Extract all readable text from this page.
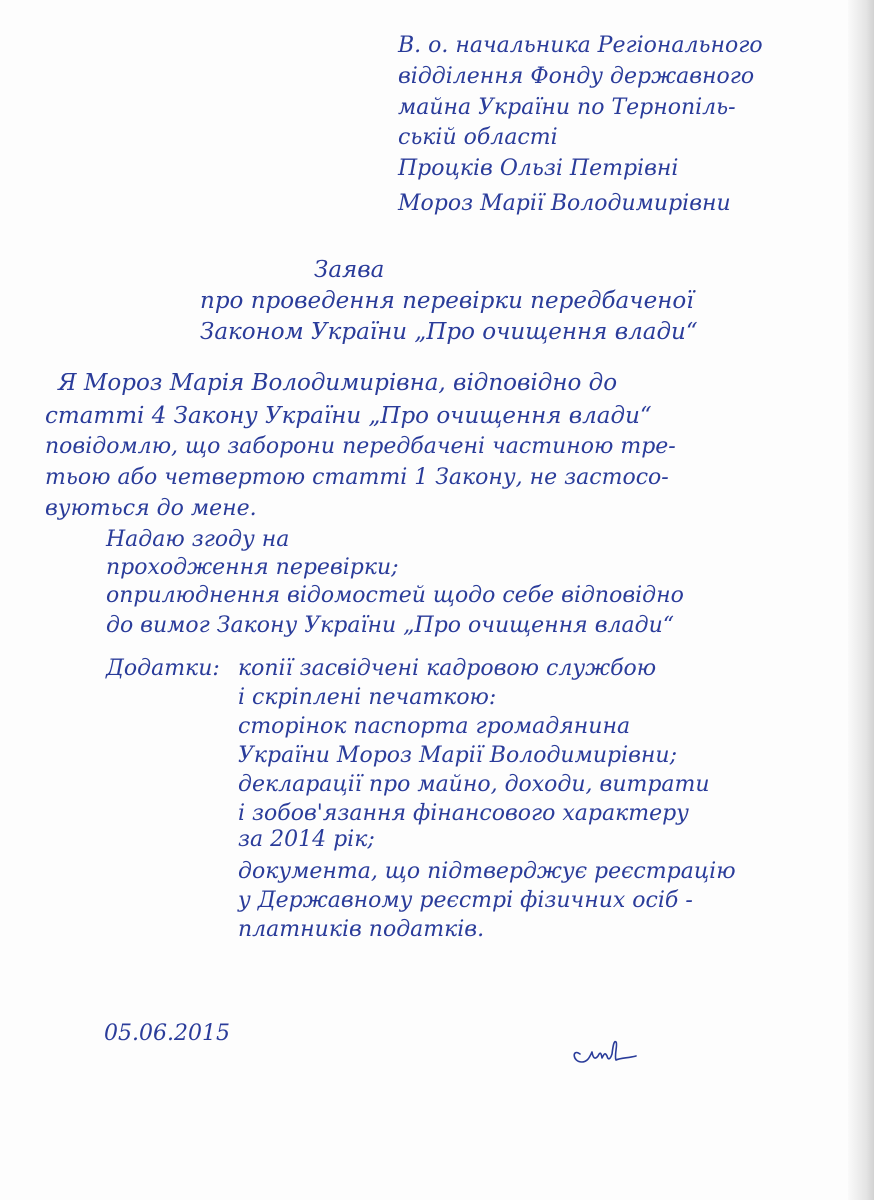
В. о. начальника Регіонального
відділення Фонду державного
майна України по Тернопіль-
ській області
Процків Ользі Петрівні
Мороз Марії Володимирівни
Заява
про проведення перевірки передбаченої
Законом України „Про очищення влади“
Я Мороз Марія Володимирівна, відповідно до
статті 4 Закону України „Про очищення влади“
повідомлю, що заборони передбачені частиною тре-
тьою або четвертою статті 1 Закону, не застосо-
вуються до мене.
Надаю згоду на
проходження перевірки;
оприлюднення відомостей щодо себе відповідно
до вимог Закону України „Про очищення влади“
Додатки: копії засвідчені кадровою службою
і скріплені печаткою:
сторінок паспорта громадянина
України Мороз Марії Володимирівни;
декларації про майно, доходи, витрати
і зобов'язання фінансового характеру
за 2014 рік;
документа, що підтверджує реєстрацію
у Державному реєстрі фізичних осіб -
платників податків.
05.06.2015
